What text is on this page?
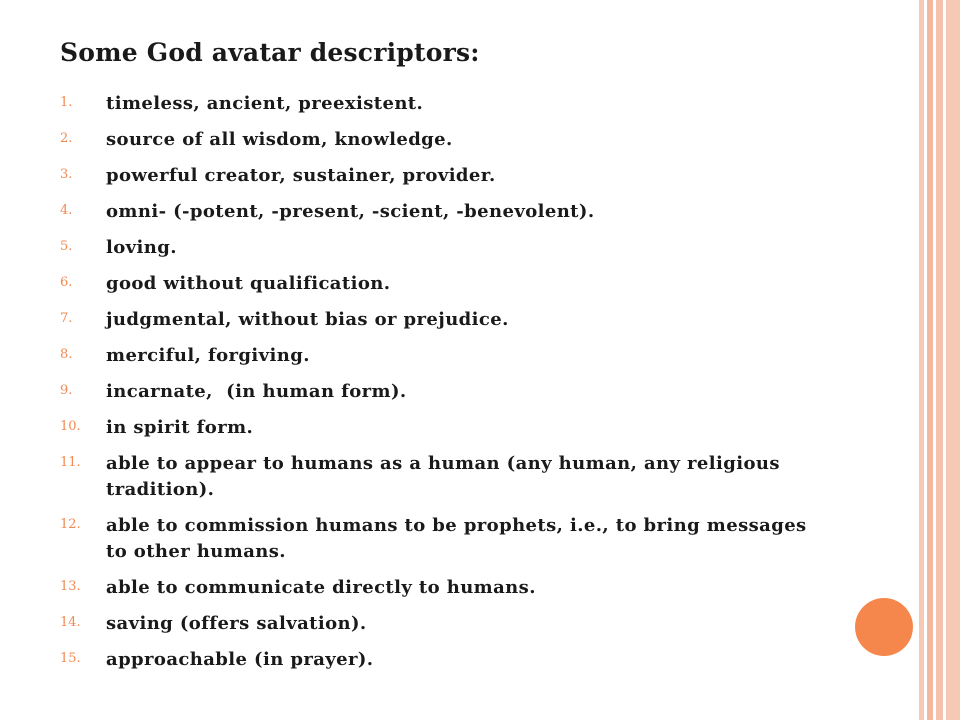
Some God avatar descriptors:
1.	timeless, ancient, preexistent.
2.	source of all wisdom, knowledge.
3.	powerful creator, sustainer, provider.
4.	omni- (-potent, -present, -scient, -benevolent).
5.	loving.
6.	good without qualification.
7.	judgmental, without bias or prejudice.
8.	merciful, forgiving.
9.	incarnate,  (in human form).
10.	in spirit form.
11.	able to appear to humans as a human (any human, any religious tradition).
12.	able to commission humans to be prophets, i.e., to bring messages to other humans.
13.	able to communicate directly to humans.
14.	saving (offers salvation).
15.	approachable (in prayer).
